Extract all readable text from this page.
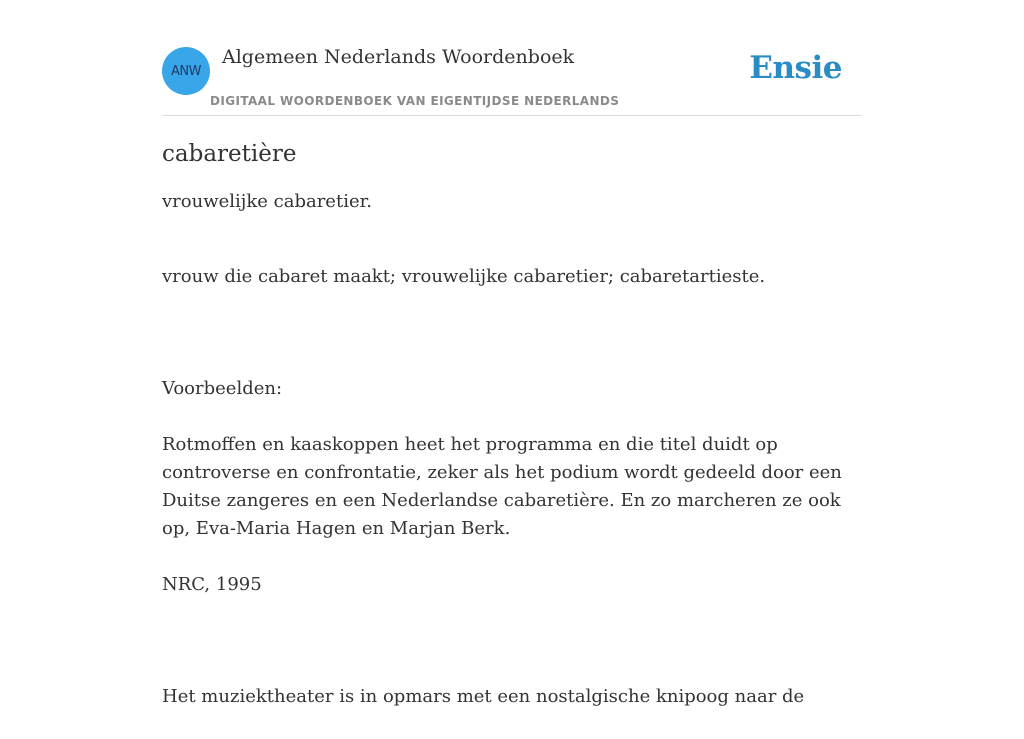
ANW
Algemeen Nederlands Woordenboek
DIGITAAL WOORDENBOEK VAN EIGENTIJDSE NEDERLANDS
Ensie
cabaretière
vrouwelijke cabaretier.

vrouw die cabaret maakt; vrouwelijke cabaretier; cabaretartieste.

Voorbeelden:

Rotmoffen en kaaskoppen heet het programma en die titel duidt op controverse en confrontatie, zeker als het podium wordt gedeeld door een Duitse zangeres en een Nederlandse cabaretière. En zo marcheren ze ook op, Eva-Maria Hagen en Marjan Berk.

NRC, 1995

Het muziektheater is in opmars met een nostalgische knipoog naar de
